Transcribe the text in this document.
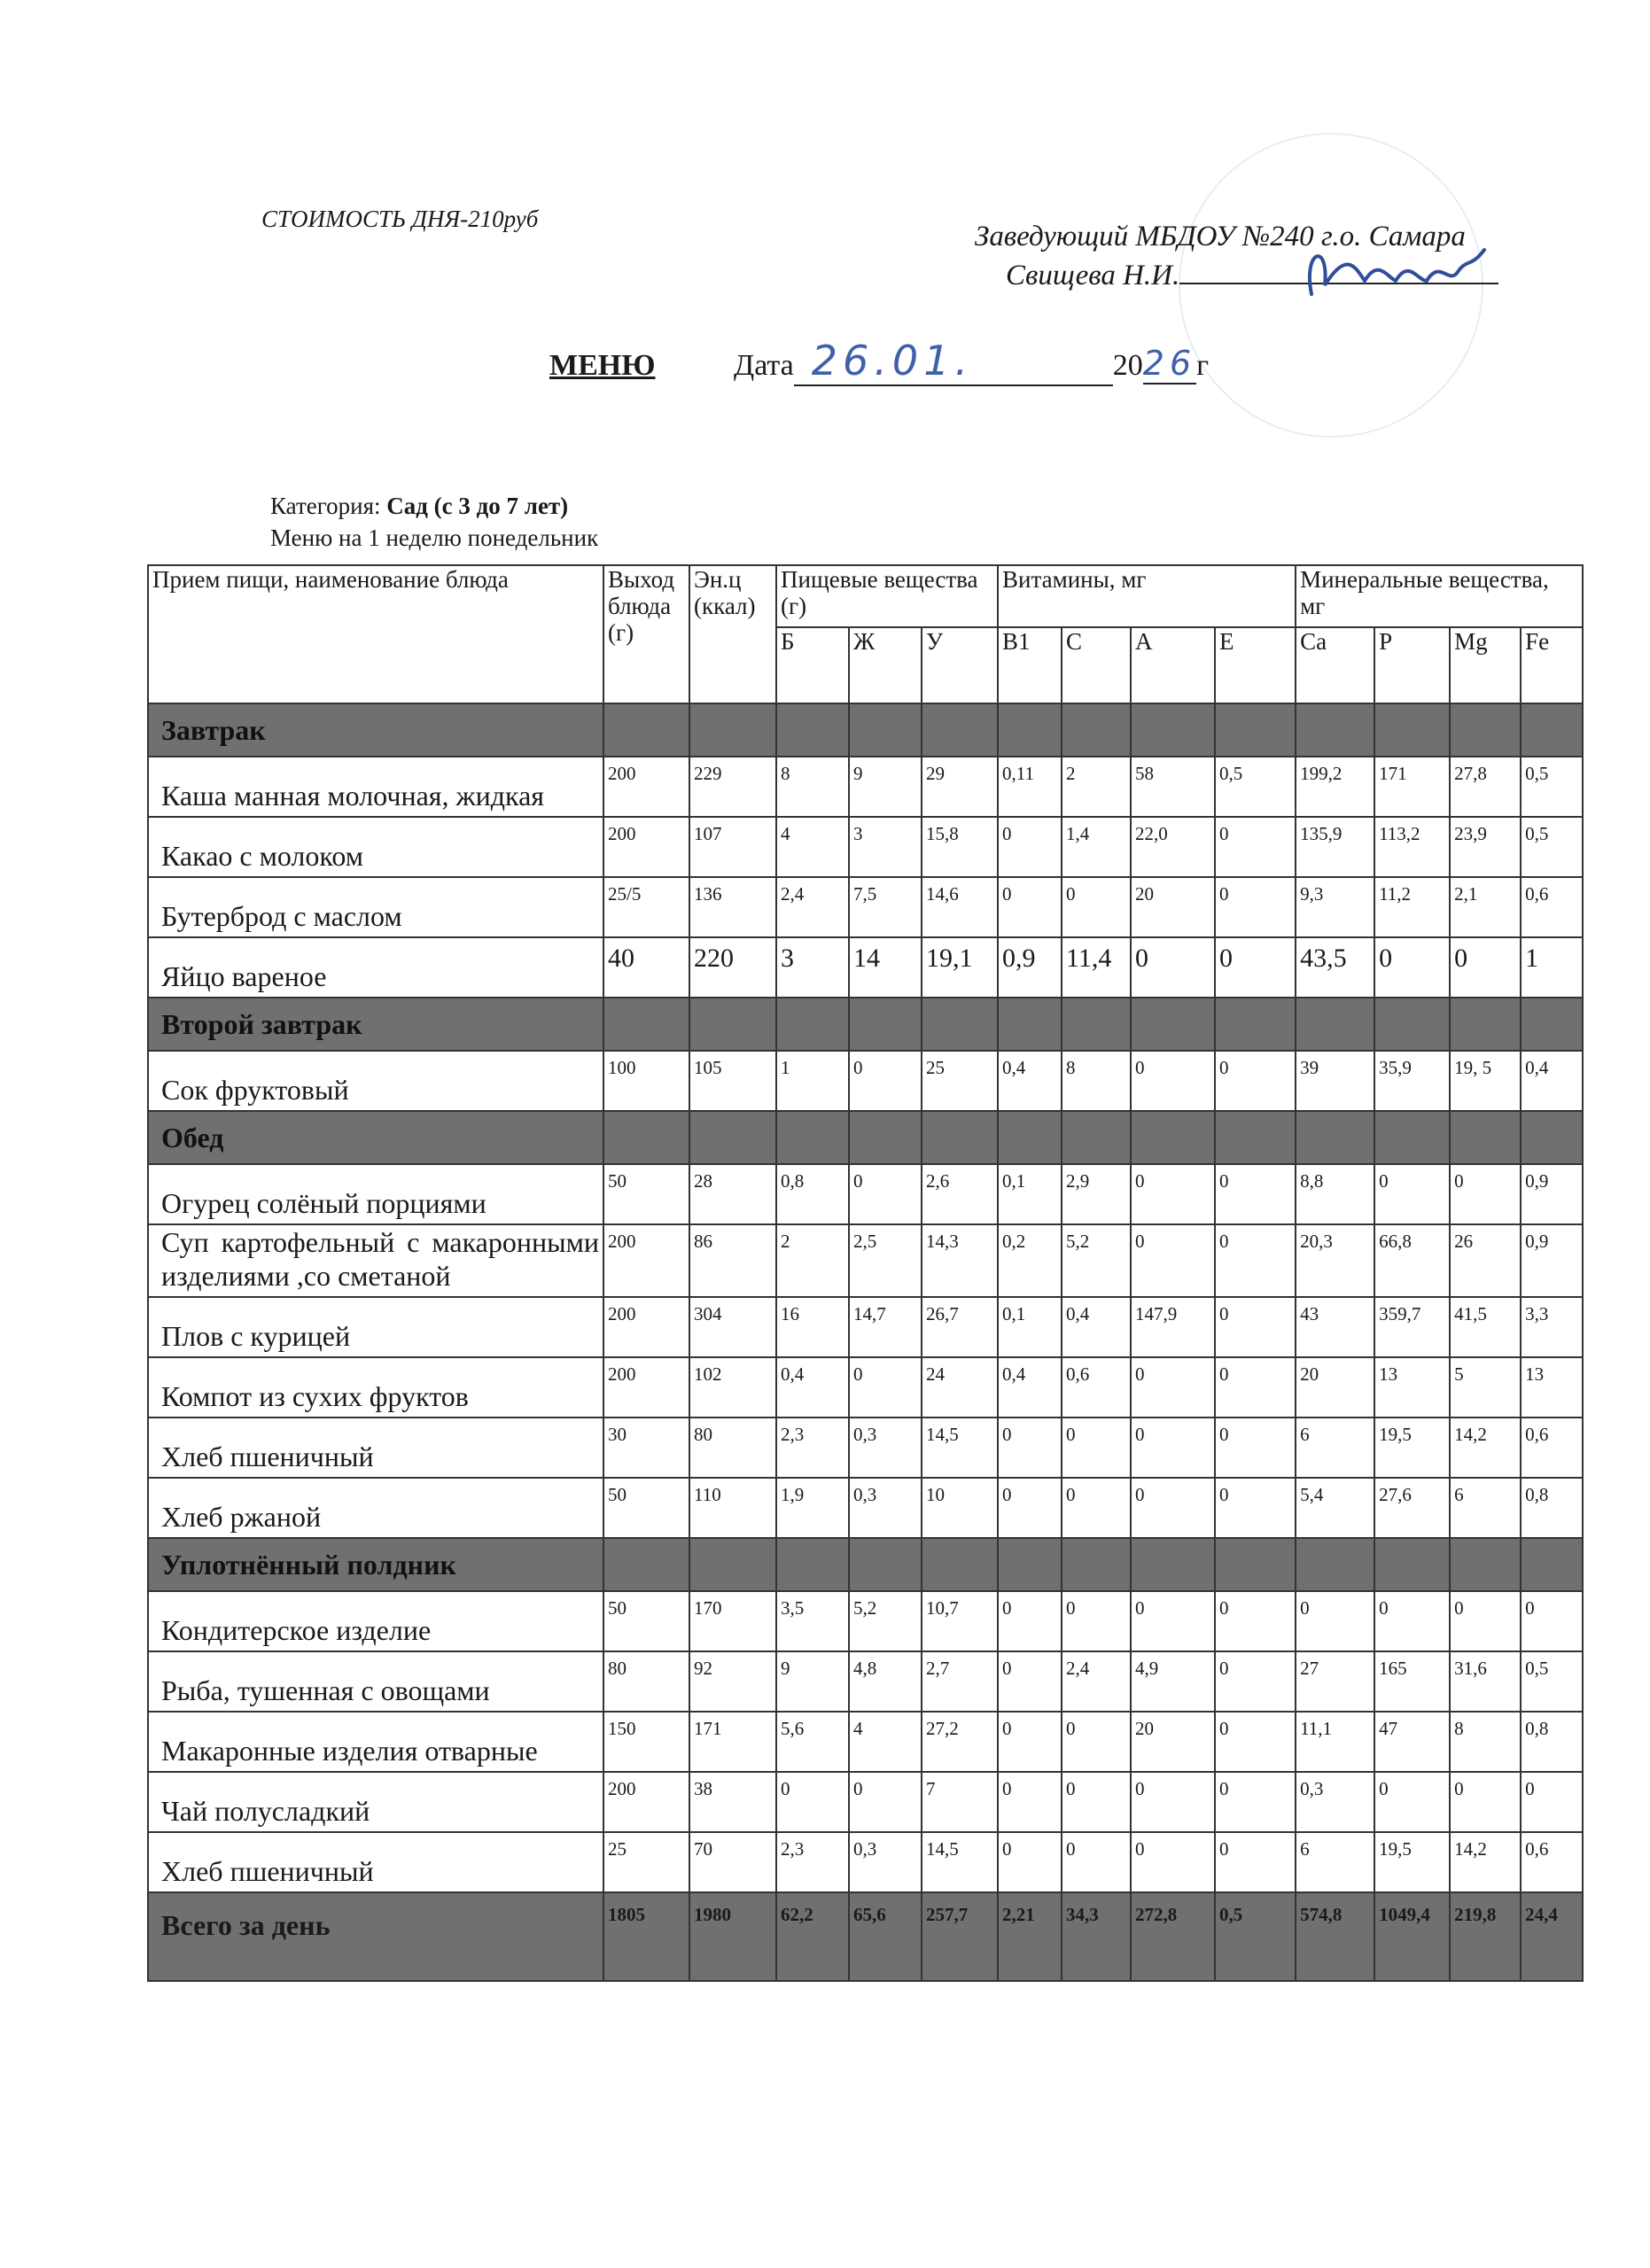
СТОИМОСТЬ ДНЯ-210руб
Заведующий МБДОУ №240 г.о. Самара
Свищева Н.И.
МЕНЮ	Дата 26.01.	2026г
Категория: Сад (с 3 до 7 лет)
Меню на 1 неделю понедельник
Прием пищи, наименование блюда	Выход блюда (г)	Эн.ц (ккал)	Пищевые вещества (г)			Витамины, мг				Минеральные вещества, мг			
			Б	Ж	У	В1	С	А	Е	Ca	P	Mg	Fe
Завтрак													
Каша манная молочная, жидкая	200	229	8	9	29	0,11	2	58	0,5	199,2	171	27,8	0,5
Какао с молоком	200	107	4	3	15,8	0	1,4	22,0	0	135,9	113,2	23,9	0,5
Бутерброд с маслом	25/5	136	2,4	7,5	14,6	0	0	20	0	9,3	11,2	2,1	0,6
Яйцо вареное	40	220	3	14	19,1	0,9	11,4	0	0	43,5	0	0	1
Второй завтрак													
Сок фруктовый	100	105	1	0	25	0,4	8	0	0	39	35,9	19, 5	0,4
Обед													
Огурец солёный порциями	50	28	0,8	0	2,6	0,1	2,9	0	0	8,8	0	0	0,9
Суп картофельный с макаронными изделиями ,со сметаной	200	86	2	2,5	14,3	0,2	5,2	0	0	20,3	66,8	26	0,9
Плов с курицей	200	304	16	14,7	26,7	0,1	0,4	147,9	0	43	359,7	41,5	3,3
Компот из сухих фруктов	200	102	0,4	0	24	0,4	0,6	0	0	20	13	5	13
Хлеб пшеничный	30	80	2,3	0,3	14,5	0	0	0	0	6	19,5	14,2	0,6
Хлеб ржаной	50	110	1,9	0,3	10	0	0	0	0	5,4	27,6	6	0,8
Уплотнённый полдник													
Кондитерское изделие	50	170	3,5	5,2	10,7	0	0	0	0	0	0	0	0
Рыба, тушенная с овощами	80	92	9	4,8	2,7	0	2,4	4,9	0	27	165	31,6	0,5
Макаронные изделия отварные	150	171	5,6	4	27,2	0	0	20	0	11,1	47	8	0,8
Чай полусладкий	200	38	0	0	7	0	0	0	0	0,3	0	0	0
Хлеб пшеничный	25	70	2,3	0,3	14,5	0	0	0	0	6	19,5	14,2	0,6
Всего за день	1805	1980	62,2	65,6	257,7	2,21	34,3	272,8	0,5	574,8	1049,4	219,8	24,4
